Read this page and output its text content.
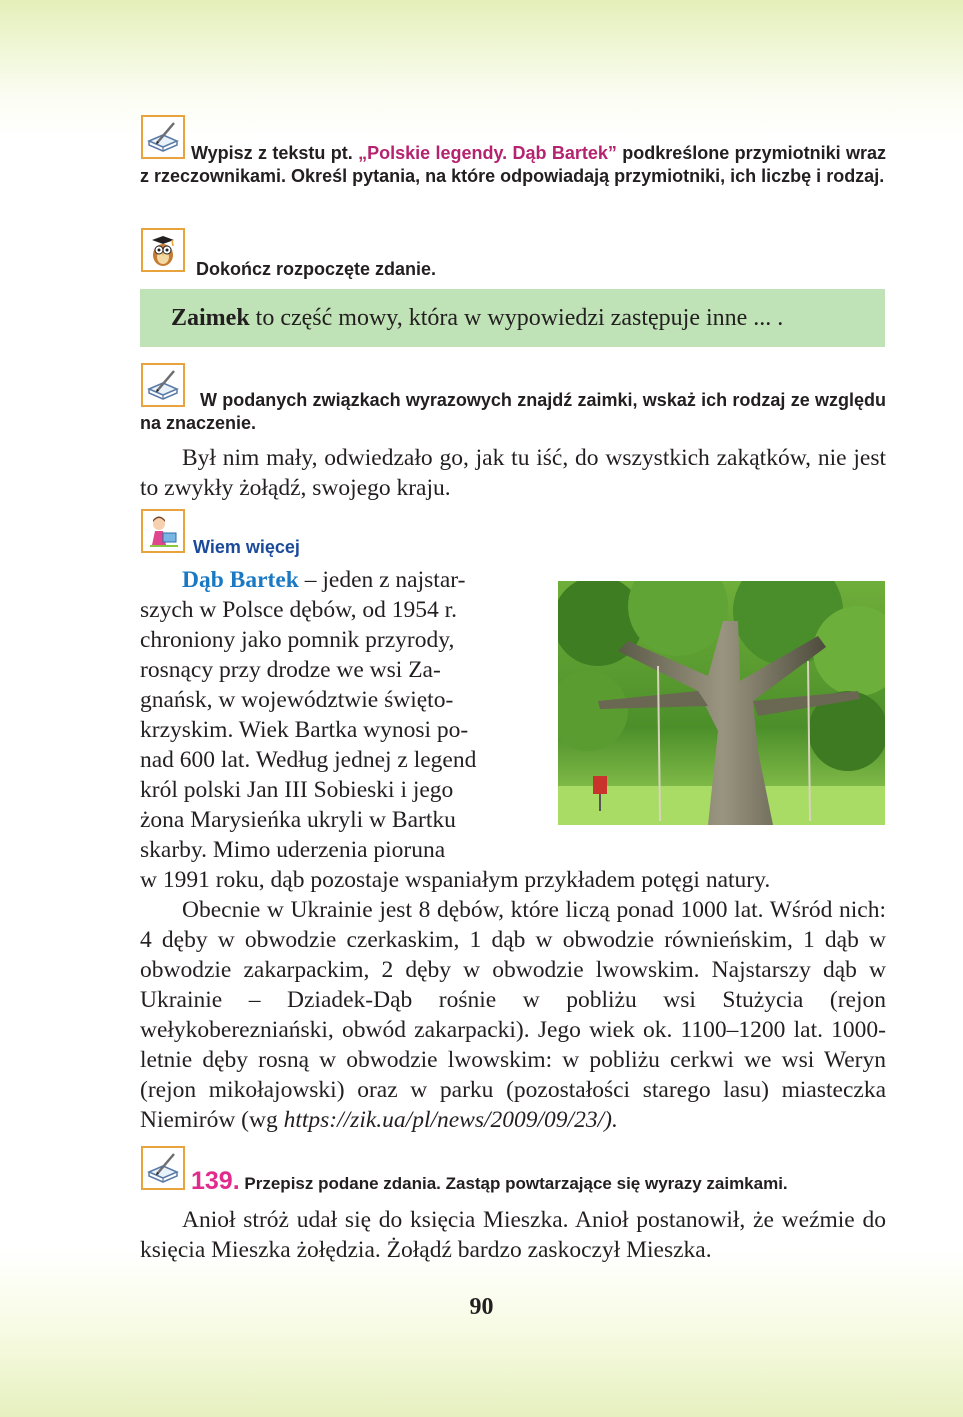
Wypisz z tekstu pt. „Polskie legendy. Dąb Bartek” podkreślone przymiotniki wraz z rzeczownikami. Określ pytania, na które odpowiadają przymiotniki, ich liczbę i rodzaj.
Dokończ rozpoczęte zdanie.
Zaimek to część mowy, która w wypowiedzi zastępuje inne ... .
W podanych związkach wyrazowych znajdź zaimki, wskaż ich rodzaj ze względu na znaczenie.

Był nim mały, odwiedzało go, jak tu iść, do wszystkich zakątków, nie jest to zwykły żołądź, swojego kraju.

Wiem więcej
Dąb Bartek – jeden z najstar-
szych w Polsce dębów, od 1954 r.
chroniony jako pomnik przyrody,
rosnący przy drodze we wsi Za-
gnańsk, w województwie święto-
krzyskim. Wiek Bartka wynosi po-
nad 600 lat. Według jednej z legend
król polski Jan III Sobieski i jego
żona Marysieńka ukryli w Bartku
skarby. Mimo uderzenia pioruna
w 1991 roku, dąb pozostaje wspaniałym przykładem potęgi natury.

Obecnie w Ukrainie jest 8 dębów, które liczą ponad 1000 lat. Wśród nich: 4 dęby w obwodzie czerkaskim, 1 dąb w obwodzie równieńskim, 1 dąb w obwodzie zakarpackim, 2 dęby w obwodzie lwowskim. Najstarszy dąb w Ukrainie – Dziadek-Dąb rośnie w pobliżu wsi Stużycia (rejon wełykoberezniański, obwód zakarpacki). Jego wiek ok. 1100–1200 lat. 1000-letnie dęby rosną w obwodzie lwowskim: w pobliżu cerkwi we wsi Weryn (rejon mikołajowski) oraz w parku (pozostałości starego lasu) miasteczka Niemirów (wg https://zik.ua/pl/news/2009/09/23/).

139. Przepisz podane zdania. Zastąp powtarzające się wyrazy zaimkami.

Anioł stróż udał się do księcia Mieszka. Anioł postanowił, że weźmie do księcia Mieszka żołędzia. Żołądź bardzo zaskoczył Mieszka.

90
